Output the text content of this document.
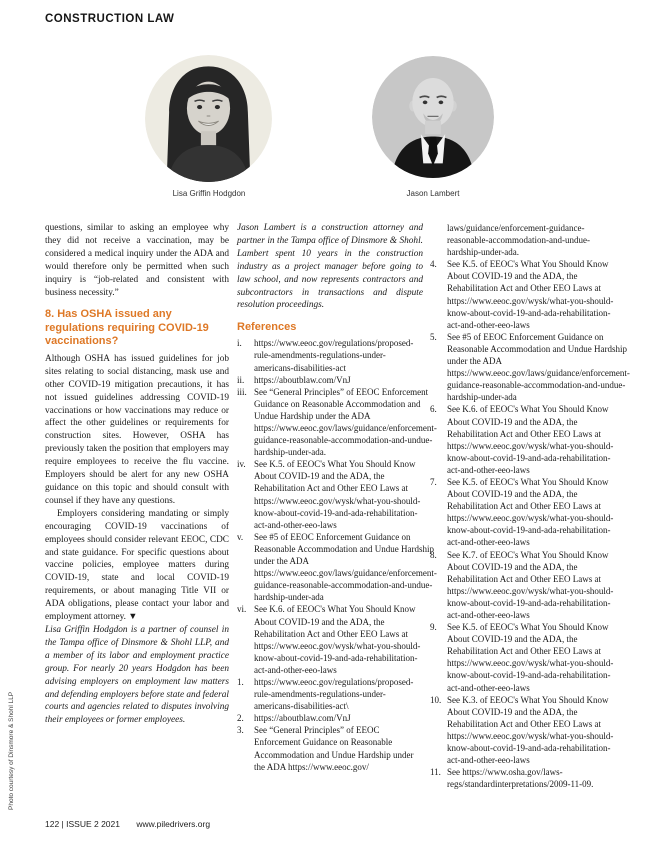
CONSTRUCTION LAW
Lisa Griffin Hodgdon	Jason Lambert

questions, similar to asking an employee why they did not receive a vaccination, may be considered a medical inquiry under the ADA and would therefore only be permitted when such inquiry is “job-related and consistent with business necessity.”

8. Has OSHA issued any regulations requiring COVID-19 vaccinations?

Although OSHA has issued guidelines for job sites relating to social distancing, mask use and other COVID-19 mitigation precautions, it has not issued guidelines addressing COVID-19 vaccinations or how vaccinations may reduce or affect the other guidelines or requirements for construction sites. However, OSHA has previously taken the position that employers may require employees to receive the flu vaccine. Employers should be alert for any new OSHA guidance on this topic and should consult with counsel if they have any questions.

Employers considering mandating or simply encouraging COVID-19 vaccinations of employees should consider relevant EEOC, CDC and state guidance. For specific questions about vaccine policies, employee matters during COVID-19, state and local COVID-19 requirements, or about managing Title VII or ADA obligations, please contact your labor and employment attorney. ▼

Lisa Griffin Hodgdon is a partner of counsel in the Tampa office of Dinsmore & Shohl LLP, and a member of its labor and employment practice group. For nearly 20 years Hodgdon has been advising employers on employment law matters and defending employers before state and federal courts and agencies related to disputes involving their employees or former employees.

Jason Lambert is a construction attorney and partner in the Tampa office of Dinsmore & Shohl. Lambert spent 10 years in the construction industry as a project manager before going to law school, and now represents contractors and subcontractors in transactions and dispute resolution proceedings.

References
i.	https://www.eeoc.gov/regulations/proposed-rule-amendments-regulations-under-americans-disabilities-act
ii.	https://aboutblaw.com/VnJ
iii. See “General Principles” of EEOC Enforcement Guidance on Reasonable Accommodation and Undue Hardship under the ADA https://www.eeoc.gov/laws/guidance/enforcement-guidance-reasonable-accommodation-and-undue-hardship-under-ada.
iv. See K.5. of EEOC's What You Should Know About COVID-19 and the ADA, the Rehabilitation Act and Other EEO Laws at https://www.eeoc.gov/wysk/what-you-should-know-about-covid-19-and-ada-rehabilitation-act-and-other-eeo-laws
v.	See #5 of EEOC Enforcement Guidance on Reasonable Accommodation and Undue Hardship under the ADA https://www.eeoc.gov/laws/guidance/enforcement-guidance-reasonable-accommodation-and-undue-hardship-under-ada
vi. See K.6. of EEOC's What You Should Know About COVID-19 and the ADA, the Rehabilitation Act and Other EEO Laws at https://www.eeoc.gov/wysk/what-you-should-know-about-covid-19-and-ada-rehabilitation-act-and-other-eeo-laws
1.	https://www.eeoc.gov/regulations/proposed-rule-amendments-regulations-under-americans-disabilities-act\
2.	https://aboutblaw.com/VnJ
3.	See “General Principles” of EEOC Enforcement Guidance on Reasonable Accommodation and Undue Hardship under the ADA https://www.eeoc.gov/
laws/guidance/enforcement-guidance-reasonable-accommodation-and-undue-hardship-under-ada.
4.	See K.5. of EEOC's What You Should Know About COVID-19 and the ADA, the Rehabilitation Act and Other EEO Laws at https://www.eeoc.gov/wysk/what-you-should-know-about-covid-19-and-ada-rehabilitation-act-and-other-eeo-laws
5.	See #5 of EEOC Enforcement Guidance on Reasonable Accommodation and Undue Hardship under the ADA https://www.eeoc.gov/laws/guidance/enforcement-guidance-reasonable-accommodation-and-undue-hardship-under-ada
6.	See K.6. of EEOC's What You Should Know About COVID-19 and the ADA, the Rehabilitation Act and Other EEO Laws at https://www.eeoc.gov/wysk/what-you-should-know-about-covid-19-and-ada-rehabilitation-act-and-other-eeo-laws
7.	See K.5. of EEOC's What You Should Know About COVID-19 and the ADA, the Rehabilitation Act and Other EEO Laws at https://www.eeoc.gov/wysk/what-you-should-know-about-covid-19-and-ada-rehabilitation-act-and-other-eeo-laws
8.	See K.7. of EEOC's What You Should Know About COVID-19 and the ADA, the Rehabilitation Act and Other EEO Laws at https://www.eeoc.gov/wysk/what-you-should-know-about-covid-19-and-ada-rehabilitation-act-and-other-eeo-laws
9.	See K.5. of EEOC's What You Should Know About COVID-19 and the ADA, the Rehabilitation Act and Other EEO Laws at https://www.eeoc.gov/wysk/what-you-should-know-about-covid-19-and-ada-rehabilitation-act-and-other-eeo-laws
10. See K.3. of EEOC's What You Should Know About COVID-19 and the ADA, the Rehabilitation Act and Other EEO Laws at https://www.eeoc.gov/wysk/what-you-should-know-about-covid-19-and-ada-rehabilitation-act-and-other-eeo-laws
11. See https://www.osha.gov/laws-regs/standardinterpretations/2009-11-09.
Photo courtesy of Dinsmore & Shohl LLP
122 | ISSUE 2 2021 www.piledrivers.org
